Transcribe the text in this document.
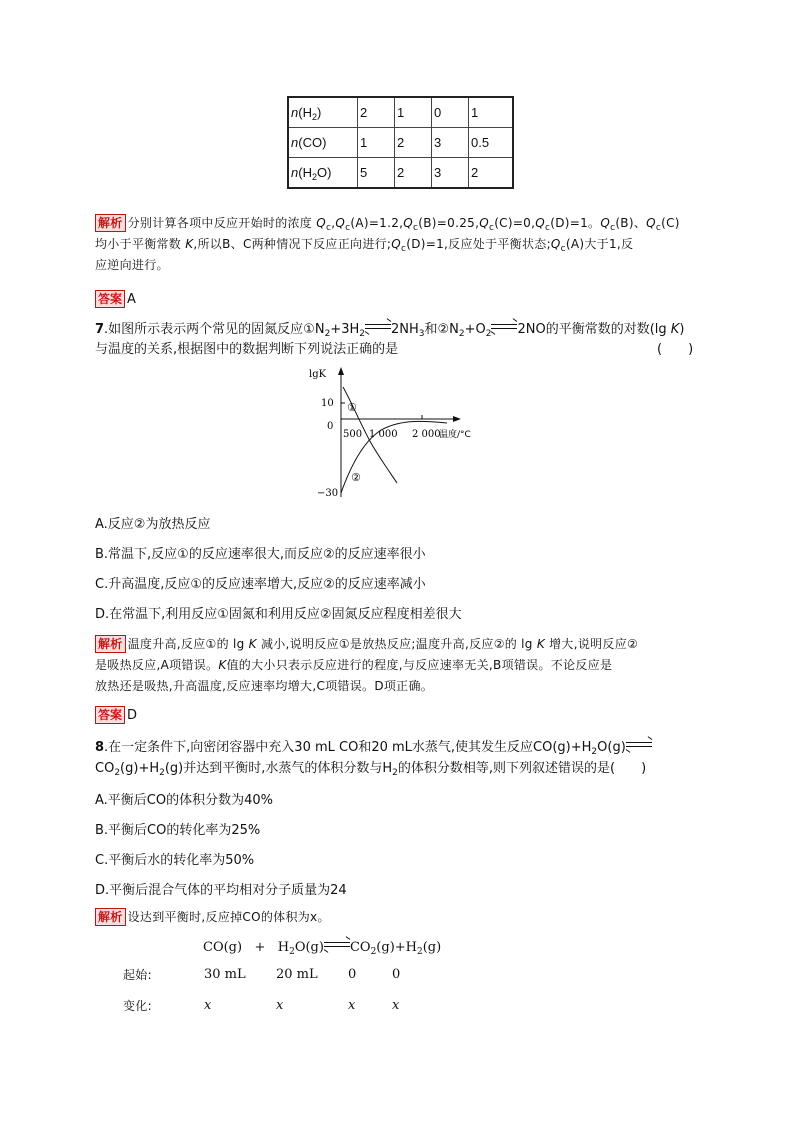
$n(H_2)$	2	1	0	1
n(CO)	1	2	3	0.5
$n(H_2O)$	5	2	3	2
解析 分别计算各项中反应开始时的浓度 $Q_c,Q_c(A)=1.2,Q_c(B)=0.25,Q_c(C)=0,Q_c(D)=1$。$Q_c(B)$、$Q_c(C)$
均小于平衡常数 K,所以B、C两种情况下反应正向进行$;Q_c(D)=1$,反应处于平衡状态$;Q_c(A)$大于1,反
应逆向进行。
答案 A
7.如图所示表示两个常见的固氮反应$①N_2+3H_2$ $2NH_3$和$②N_2+O_2$ 2NO的平衡常数的对数(lg K)
与温度的关系,根据图中的数据判断下列说法正确的是	(　　)
lgK
10
0
−30
500 1 000 2 000
温度/°C
①
②
A.反应②为放热反应
B.常温下,反应①的反应速率很大,而反应②的反应速率很小
C.升高温度,反应①的反应速率增大,反应②的反应速率减小
D.在常温下,利用反应①固氮和利用反应②固氮反应程度相差很大
解析 温度升高,反应①的 lg K 减小,说明反应①是放热反应;温度升高,反应②的 lg K 增大,说明反应②
是吸热反应,A项错误。K值的大小只表示反应进行的程度,与反应速率无关,B项错误。不论反应是
放热还是吸热,升高温度,反应速率均增大,C项错误。D项正确。
答案 D
8.在一定条件下,向密闭容器中充入30 mL CO和20 mL水蒸气,使其发生反应$CO(g)+H_2O(g)$
$CO_2(g)+H_2(g)$并达到平衡时,水蒸气的体积分数与$H_2$的体积分数相等,则下列叙述错误的是(　　)
A.平衡后CO的体积分数为40%
B.平衡后CO的转化率为25%
C.平衡后水的转化率为50%
D.平衡后混合气体的平均相对分子质量为24
解析 设达到平衡时,反应掉CO的体积为x。
$CO(g) + H_2O(g)$ $CO_2(g)+H_2(g)$
起始:	30 mL 20 mL 0	0
变化:	x	x	x	x
